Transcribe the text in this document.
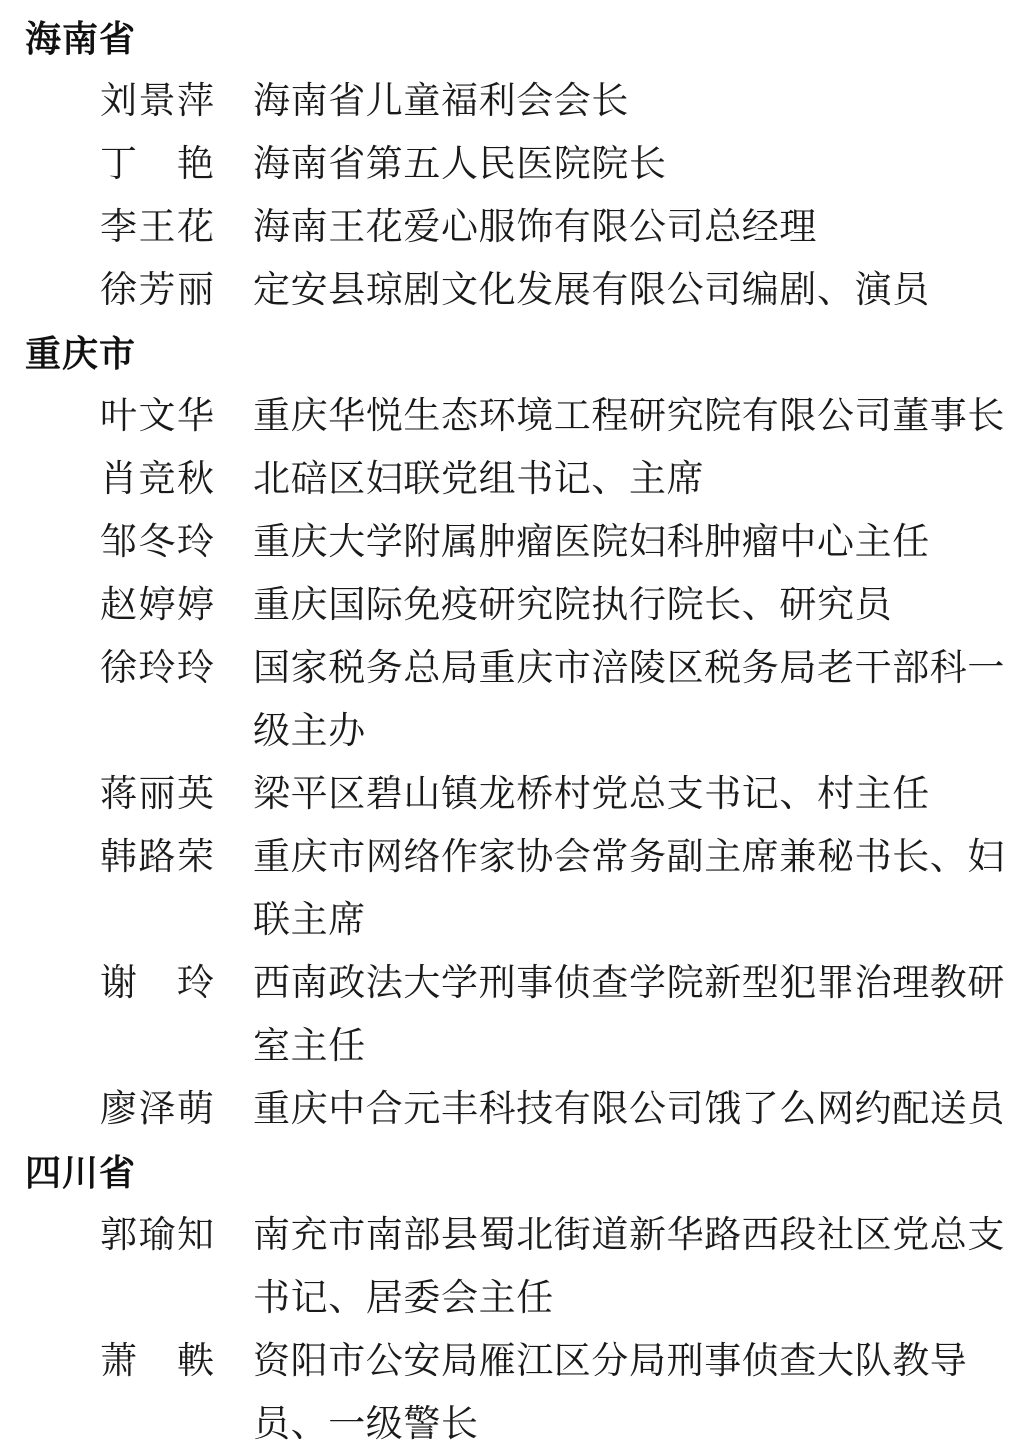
海南省
刘景萍 海南省儿童福利会会长
丁艳 海南省第五人民医院院长
李王花 海南王花爱心服饰有限公司总经理
徐芳丽 定安县琼剧文化发展有限公司编剧、演员
重庆市
叶文华 重庆华悦生态环境工程研究院有限公司董事长
肖竞秋 北碚区妇联党组书记、主席
邹冬玲 重庆大学附属肿瘤医院妇科肿瘤中心主任
赵婷婷 重庆国际免疫研究院执行院长、研究员
徐玲玲 国家税务总局重庆市涪陵区税务局老干部科一
级主办
蒋丽英 梁平区碧山镇龙桥村党总支书记、村主任
韩路荣 重庆市网络作家协会常务副主席兼秘书长、妇
联主席
谢玲 西南政法大学刑事侦查学院新型犯罪治理教研
室主任
廖泽萌 重庆中合元丰科技有限公司饿了么网约配送员
四川省
郭瑜知 南充市南部县蜀北街道新华路西段社区党总支
书记、居委会主任
萧軼 资阳市公安局雁江区分局刑事侦查大队教导
员、一级警长
